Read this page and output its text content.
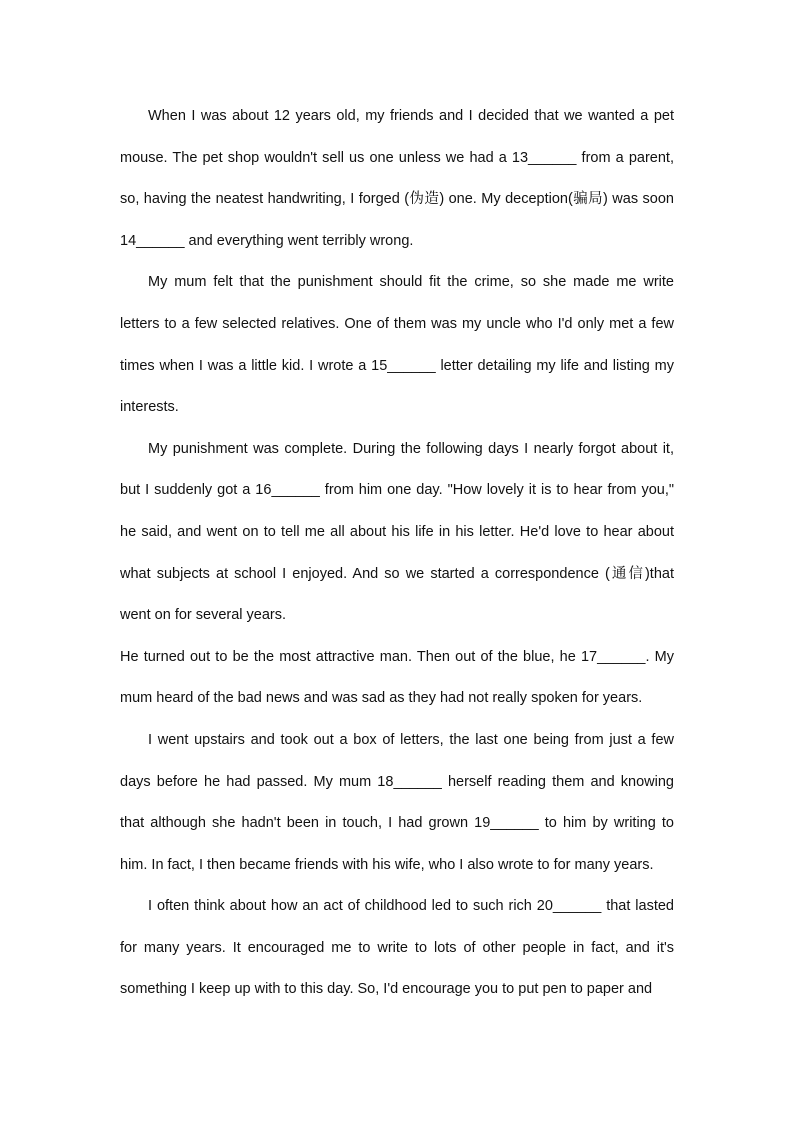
When I was about 12 years old, my friends and I decided that we wanted a pet mouse. The pet shop wouldn't sell us one unless we had a 13______ from a parent, so, having the neatest handwriting, I forged (伪造) one. My deception(骗局) was soon 14______ and everything went terribly wrong.

My mum felt that the punishment should fit the crime, so she made me write letters to a few selected relatives. One of them was my uncle who I'd only met a few times when I was a little kid. I wrote a 15______ letter detailing my life and listing my interests.

My punishment was complete. During the following days I nearly forgot about it, but I suddenly got a 16______ from him one day. "How lovely it is to hear from you," he said, and went on to tell me all about his life in his letter. He'd love to hear about what subjects at school I enjoyed. And so we started a correspondence (通信)that went on for several years.

He turned out to be the most attractive man. Then out of the blue, he 17______. My mum heard of the bad news and was sad as they had not really spoken for years.

I went upstairs and took out a box of letters, the last one being from just a few days before he had passed. My mum 18______ herself reading them and knowing that although she hadn't been in touch, I had grown 19______ to him by writing to him. In fact, I then became friends with his wife, who I also wrote to for many years.

I often think about how an act of childhood led to such rich 20______ that lasted for many years. It encouraged me to write to lots of other people in fact, and it's something I keep up with to this day. So, I'd encourage you to put pen to paper and
